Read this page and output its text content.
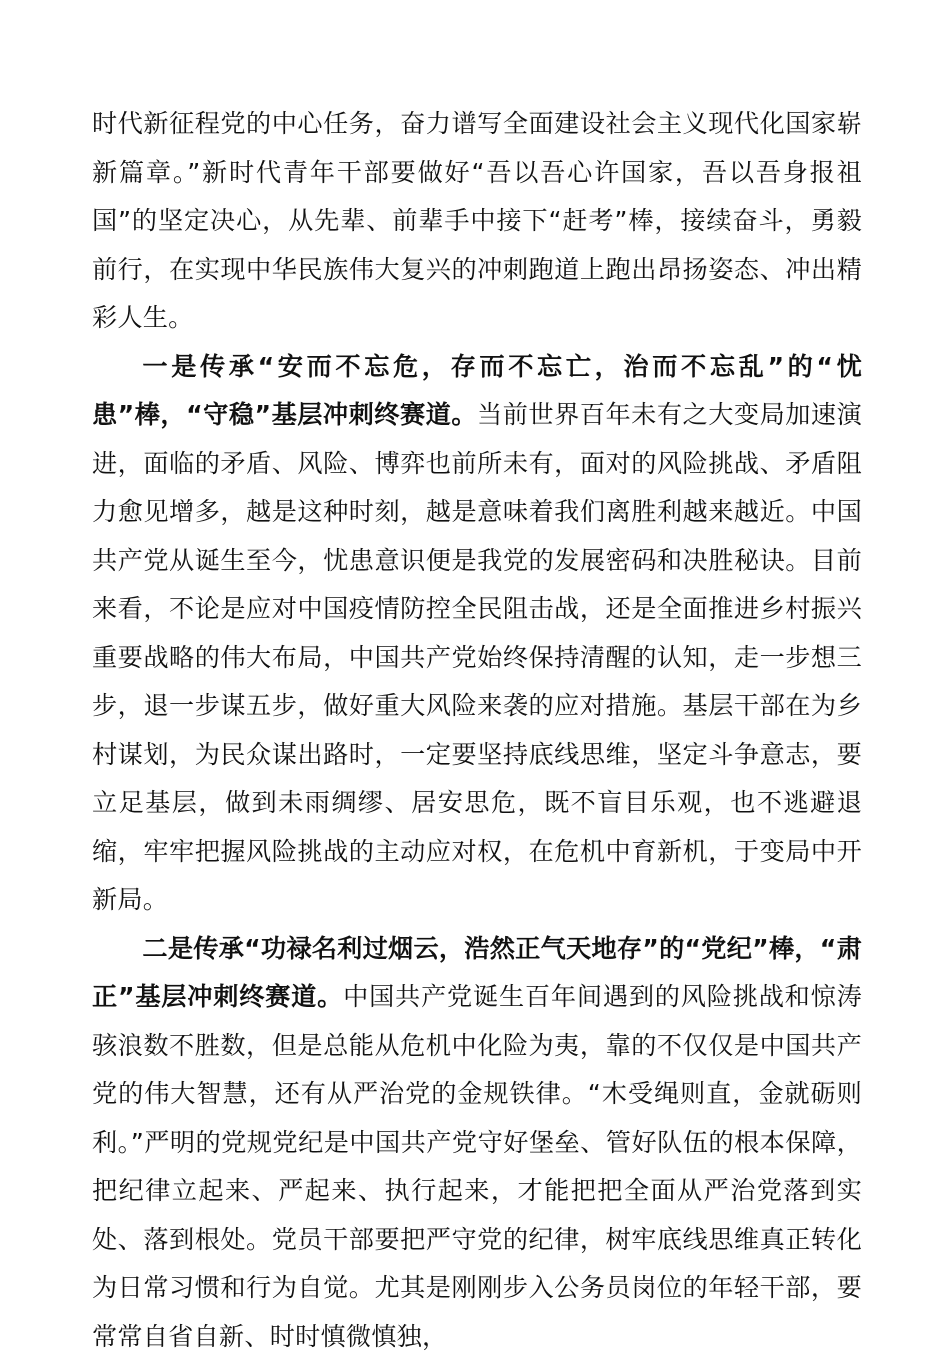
时代新征程党的中心任务，奋力谱写全面建设社会主义现代化国家崭新篇章。”新时代青年干部要做好“吾以吾心许国家，吾以吾身报祖国”的坚定决心，从先辈、前辈手中接下“赶考”棒，接续奋斗，勇毅前行，在实现中华民族伟大复兴的冲刺跑道上跑出昂扬姿态、冲出精彩人生。

一是传承“安而不忘危，存而不忘亡，治而不忘乱”的“忧患”棒，“守稳”基层冲刺终赛道。当前世界百年未有之大变局加速演进，面临的矛盾、风险、博弈也前所未有，面对的风险挑战、矛盾阻力愈见增多，越是这种时刻，越是意味着我们离胜利越来越近。中国共产党从诞生至今，忧患意识便是我党的发展密码和决胜秘诀。目前来看，不论是应对中国疫情防控全民阻击战，还是全面推进乡村振兴重要战略的伟大布局，中国共产党始终保持清醒的认知，走一步想三步，退一步谋五步，做好重大风险来袭的应对措施。基层干部在为乡村谋划，为民众谋出路时，一定要坚持底线思维，坚定斗争意志，要立足基层，做到未雨绸缪、居安思危，既不盲目乐观，也不逃避退缩，牢牢把握风险挑战的主动应对权，在危机中育新机，于变局中开新局。

二是传承“功禄名利过烟云，浩然正气天地存”的“党纪”棒，“肃正”基层冲刺终赛道。中国共产党诞生百年间遇到的风险挑战和惊涛骇浪数不胜数，但是总能从危机中化险为夷，靠的不仅仅是中国共产党的伟大智慧，还有从严治党的金规铁律。“木受绳则直，金就砺则利。”严明的党规党纪是中国共产党守好堡垒、管好队伍的根本保障，把纪律立起来、严起来、执行起来，才能把把全面从严治党落到实处、落到根处。党员干部要把严守党的纪律，树牢底线思维真正转化为日常习惯和行为自觉。尤其是刚刚步入公务员岗位的年轻干部，要常常自省自新、时时慎微慎独，
